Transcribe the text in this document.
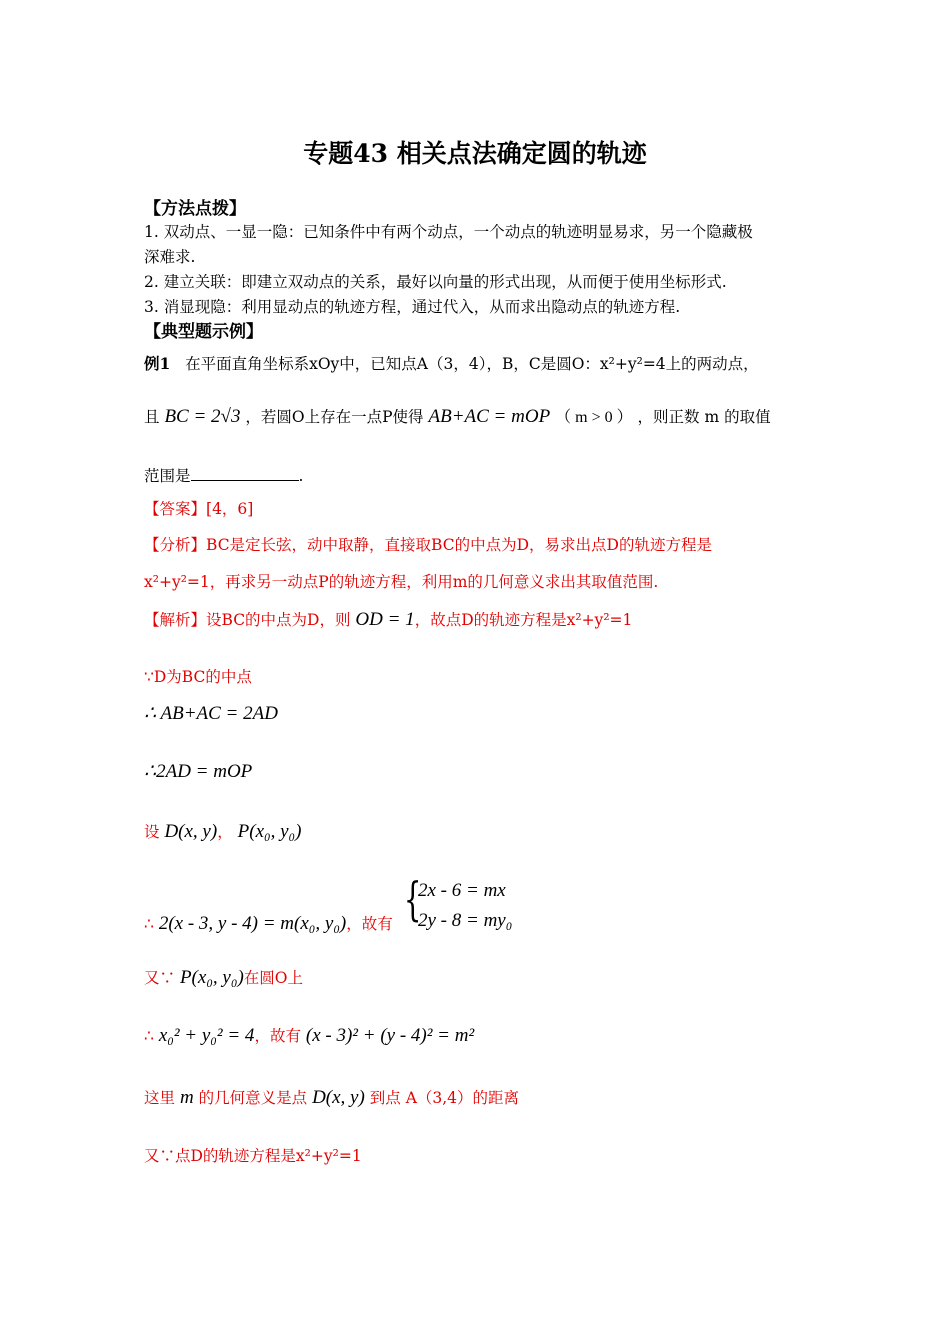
专题43 相关点法确定圆的轨迹
【方法点拨】
1. 双动点、一显一隐：已知条件中有两个动点，一个动点的轨迹明显易求，另一个隐藏极
深难求.
2. 建立关联：即建立双动点的关系，最好以向量的形式出现，从而便于使用坐标形式.
3. 消显现隐：利用显动点的轨迹方程，通过代入，从而求出隐动点的轨迹方程.
【典型题示例】
例1 在平面直角坐标系xOy中，已知点A（3，4），B，C是圆O：x²+y²=4上的两动点，
且 BC = 2√3 ，若圆O上存在一点P使得 AB+AC = mOP （ m > 0 ） ，则正数 m 的取值
范围是	.
【答案】[4，6]
【分析】BC是定长弦，动中取静，直接取BC的中点为D，易求出点D的轨迹方程是
x²+y²=1，再求另一动点P的轨迹方程，利用m的几何意义求出其取值范围.
【解析】设BC的中点为D，则 OD = 1，故点D的轨迹方程是x²+y²=1
∵D为BC的中点
∴ AB+AC = 2AD
∴2AD = mOP
设 D(x, y)， P(x₀, y₀)
∴ 2(x - 3, y - 4) = m(x₀, y₀)，故有 {
2x - 6 = mx
2y - 8 = my₀
又∵ P(x₀, y₀)在圆O上
∴ x₀² + y₀² = 4，故有 (x - 3)² + (y - 4)² = m²
这里 m 的几何意义是点 D(x, y) 到点 A（3,4）的距离
又∵点D的轨迹方程是x²+y²=1
